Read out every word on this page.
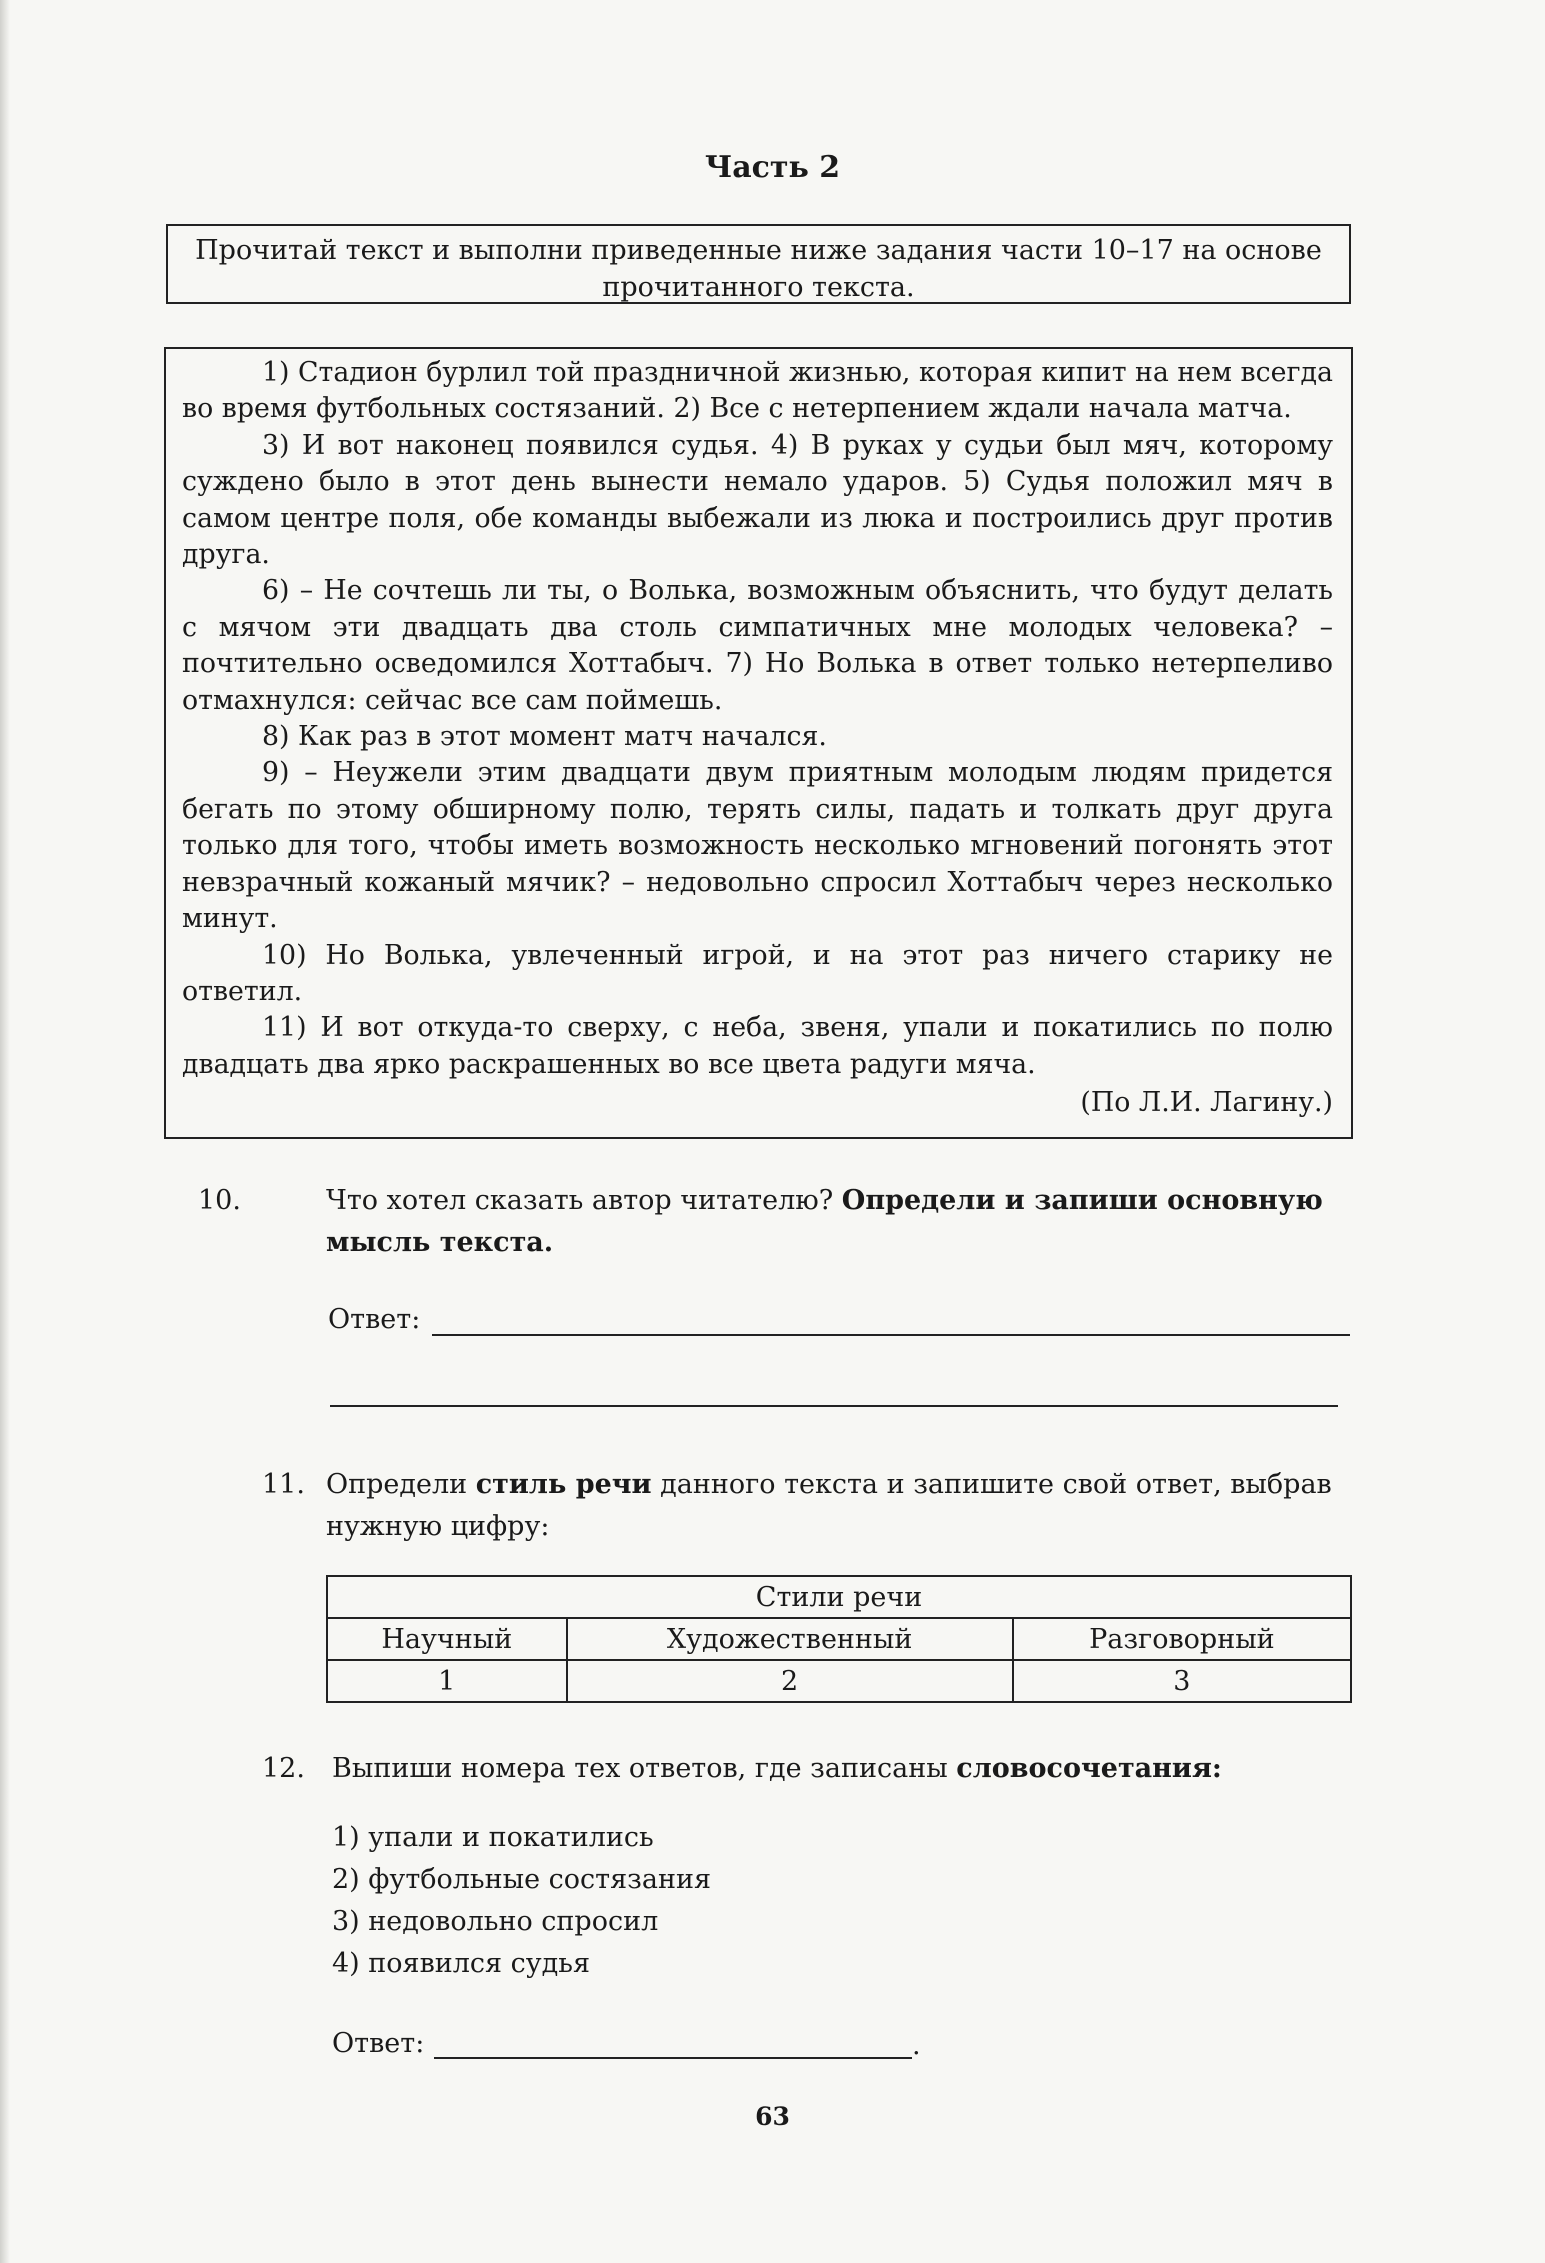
Часть 2
Прочитай текст и выполни приведенные ниже задания части 10–17 на основе прочитанного текста.

1) Стадион бурлил той праздничной жизнью, которая кипит на нем всегда во время футбольных состязаний. 2) Все с нетерпением ждали начала матча.

3) И вот наконец появился судья. 4) В руках у судьи был мяч, которому суждено было в этот день вынести немало ударов. 5) Судья положил мяч в самом центре поля, обе команды выбежали из люка и построились друг против друга.

6) – Не сочтешь ли ты, о Волька, возможным объяснить, что будут делать с мячом эти двадцать два столь симпатичных мне молодых человека? – почтительно осведомился Хоттабыч. 7) Но Волька в ответ только нетерпеливо отмахнулся: сейчас все сам поймешь.

8) Как раз в этот момент матч начался.

9) – Неужели этим двадцати двум приятным молодым людям придется бегать по этому обширному полю, терять силы, падать и толкать друг друга только для того, чтобы иметь возможность несколько мгновений погонять этот невзрачный кожаный мячик? – недовольно спросил Хоттабыч через несколько минут.

10) Но Волька, увлеченный игрой, и на этот раз ничего старику не ответил.

11) И вот откуда-то сверху, с неба, звеня, упали и покатились по полю двадцать два ярко раскрашенных во все цвета радуги мяча.

(По Л.И. Лагину.)
10.	Что хотел сказать автор читателю? Определи и запиши основную мысль текста.
Ответ:
11. Определи стиль речи данного текста и запишите свой ответ, выбрав нужную цифру:
Стили речи		
Научный	Художественный	Разговорный
1	2	3
12. Выпиши номера тех ответов, где записаны словосочетания:
1) упали и покатились
2) футбольные состязания
3) недовольно спросил
4) появился судья
Ответ:	.
63
